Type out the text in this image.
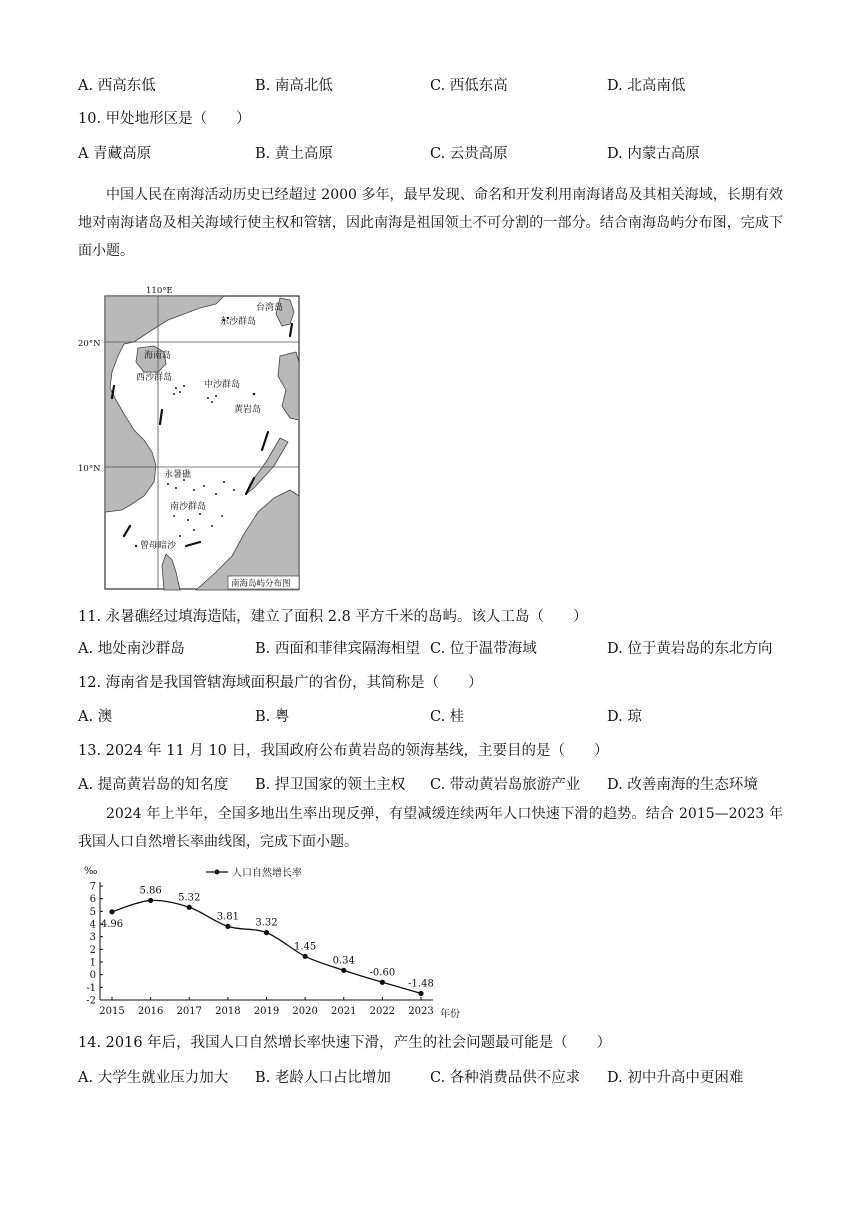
A. 西高东低	B. 南高北低	C. 西低东高	D. 北高南低
10. 甲处地形区是（　　）
A 青藏高原	B. 黄土高原	C. 云贵高原	D. 内蒙古高原

中国人民在南海活动历史已经超过 2000 多年，最早发现、命名和开发利用南海诸岛及其相关海域，长期有效地对南海诸岛及相关海域行使主权和管辖，因此南海是祖国领土不可分割的一部分。结合南海岛屿分布图，完成下面小题。

110°E
20°N
10°N
台湾岛
东沙群岛
海南岛
西沙群岛
中沙群岛
黄岩岛
永暑礁
南沙群岛
曾母暗沙
南海岛屿分布图
11. 永暑礁经过填海造陆，建立了面积 2.8 平方千米的岛屿。该人工岛（　　）
A. 地处南沙群岛	B. 西面和菲律宾隔海相望 C. 位于温带海域	D. 位于黄岩岛的东北方向
12. 海南省是我国管辖海域面积最广的省份，其简称是（　　）
A. 澳	B. 粤	C. 桂	D. 琼
13. 2024 年 11 月 10 日，我国政府公布黄岩岛的领海基线，主要目的是（　　）
A. 提高黄岩岛的知名度 B. 捍卫国家的领土主权 C. 带动黄岩岛旅游产业 D. 改善南海的生态环境

2024 年上半年，全国多地出生率出现反弹，有望减缓连续两年人口快速下滑的趋势。结合 2015—2023 年我国人口自然增长率曲线图，完成下面小题。

‰
年份
人口自然增长率
7
6
5
4
3
2
1
0
-1
-2
2015 2016 2017 2018 2019 2020 2021 2022 2023
4.96
5.86
5.32
3.81
3.32
1.45
0.34
-0.60
-1.48
14. 2016 年后，我国人口自然增长率快速下滑，产生的社会问题最可能是（　　）
A. 大学生就业压力加大 B. 老龄人口占比增加	C. 各种消费品供不应求 D. 初中升高中更困难
